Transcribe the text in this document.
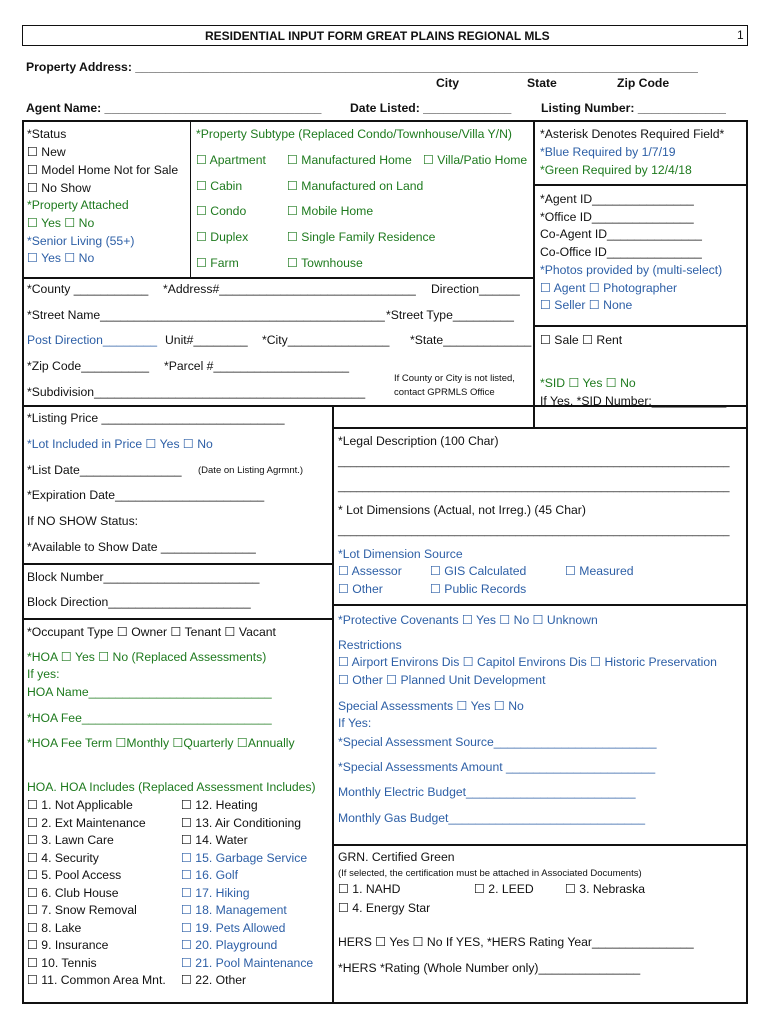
RESIDENTIAL INPUT FORM GREAT PLAINS REGIONAL MLS	1
Property Address: ___________________________________________________________________________________
City	State	Zip Code
Agent Name: ________________________________ Date Listed: _____________ Listing Number: _____________
*Status
☐ New
☐ Model Home Not for Sale
☐ No Show
*Property Attached
☐ Yes ☐ No
*Senior Living (55+)
☐ Yes ☐ No
*Property Subtype (Replaced Condo/Townhouse/Villa Y/N)
☐ Apartment ☐ Manufactured Home ☐ Villa/Patio Home
☐ Cabin	☐ Manufactured on Land
☐ Condo	☐ Mobile Home
☐ Duplex	☐ Single Family Residence
☐ Farm	☐ Townhouse
*Asterisk Denotes Required Field*
*Blue Required by 1/7/19
*Green Required by 12/4/18
*Agent ID_______________
*Office ID_______________
Co-Agent ID______________
Co-Office ID______________
*Photos provided by (multi-select)
☐ Agent ☐ Photographer
☐ Seller ☐ None
*County ___________ *Address#_____________________________ Direction______
*Street Name__________________________________________ *Street Type_________
Post Direction________ Unit#________ *City_______________ *State_____________
*Zip Code__________ *Parcel #____________________
*Subdivision________________________________________
If County or City is not listed,
contact GPRMLS Office
☐ Sale ☐ Rent
*SID ☐ Yes ☐ No
If Yes, *SID Number:___________
*Listing Price ___________________________
*Lot Included in Price ☐ Yes ☐ No
*List Date_______________ (Date on Listing Agrmnt.)
*Expiration Date______________________
If NO SHOW Status:
*Available to Show Date ______________
*Legal Description (100 Char)
________________________________________________________________
________________________________________________________________
* Lot Dimensions (Actual, not Irreg.) (45 Char)
________________________________________________________________
*Lot Dimension Source
☐ Assessor ☐ GIS Calculated	☐ Measured
☐ Other	☐ Public Records
Block Number_______________________
Block Direction_____________________
*Occupant Type ☐ Owner ☐ Tenant ☐ Vacant
*HOA ☐ Yes ☐ No (Replaced Assessments)
If yes:
HOA Name___________________________
*HOA Fee____________________________
*HOA Fee Term ☐Monthly ☐Quarterly ☐Annually
HOA. HOA Includes (Replaced Assessment Includes)
☐ 1. Not Applicable
☐ 2. Ext Maintenance
☐ 3. Lawn Care
☐ 4. Security
☐ 5. Pool Access
☐ 6. Club House
☐ 7. Snow Removal
☐ 8. Lake
☐ 9. Insurance
☐ 10. Tennis
☐ 11. Common Area Mnt.
☐ 12. Heating
☐ 13. Air Conditioning
☐ 14. Water
☐ 15. Garbage Service
☐ 16. Golf
☐ 17. Hiking
☐ 18. Management
☐ 19. Pets Allowed
☐ 20. Playground
☐ 21. Pool Maintenance
☐ 22. Other
*Protective Covenants ☐ Yes ☐ No ☐ Unknown
Restrictions
☐ Airport Environs Dis ☐ Capitol Environs Dis ☐ Historic Preservation
☐ Other ☐ Planned Unit Development
Special Assessments ☐ Yes ☐ No
If Yes:
*Special Assessment Source________________________
*Special Assessments Amount ______________________
Monthly Electric Budget_________________________
Monthly Gas Budget_____________________________
GRN. Certified Green
(If selected, the certification must be attached in Associated Documents)
☐ 1. NAHD	☐ 2. LEED	☐ 3. Nebraska
☐ 4. Energy Star
HERS ☐ Yes ☐ No If YES, *HERS Rating Year_______________
*HERS *Rating (Whole Number only)_______________
